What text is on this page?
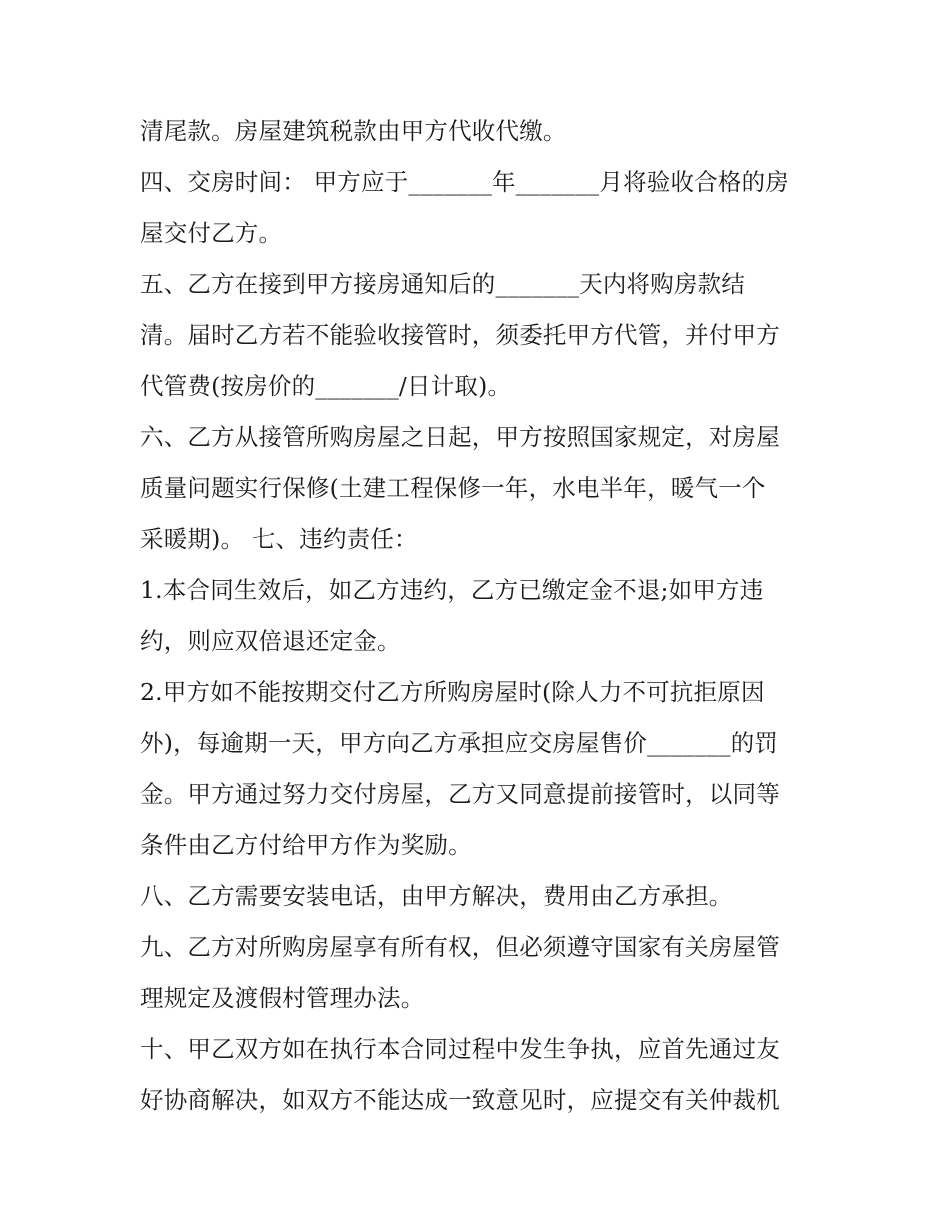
清尾款。房屋建筑税款由甲方代收代缴。
四、交房时间： 甲方应于_______年_______月将验收合格的房
屋交付乙方。
五、乙方在接到甲方接房通知后的_______天内将购房款结
清。届时乙方若不能验收接管时，须委托甲方代管，并付甲方
代管费(按房价的_______/日计取)。
六、乙方从接管所购房屋之日起，甲方按照国家规定，对房屋
质量问题实行保修(土建工程保修一年，水电半年，暖气一个
采暖期)。 七、违约责任：
1.本合同生效后，如乙方违约，乙方已缴定金不退;如甲方违
约，则应双倍退还定金。
2.甲方如不能按期交付乙方所购房屋时(除人力不可抗拒原因
外)，每逾期一天，甲方向乙方承担应交房屋售价_______的罚
金。甲方通过努力交付房屋，乙方又同意提前接管时，以同等
条件由乙方付给甲方作为奖励。
八、乙方需要安装电话，由甲方解决，费用由乙方承担。
九、乙方对所购房屋享有所有权，但必须遵守国家有关房屋管
理规定及渡假村管理办法。
十、甲乙双方如在执行本合同过程中发生争执，应首先通过友
好协商解决，如双方不能达成一致意见时，应提交有关仲裁机
